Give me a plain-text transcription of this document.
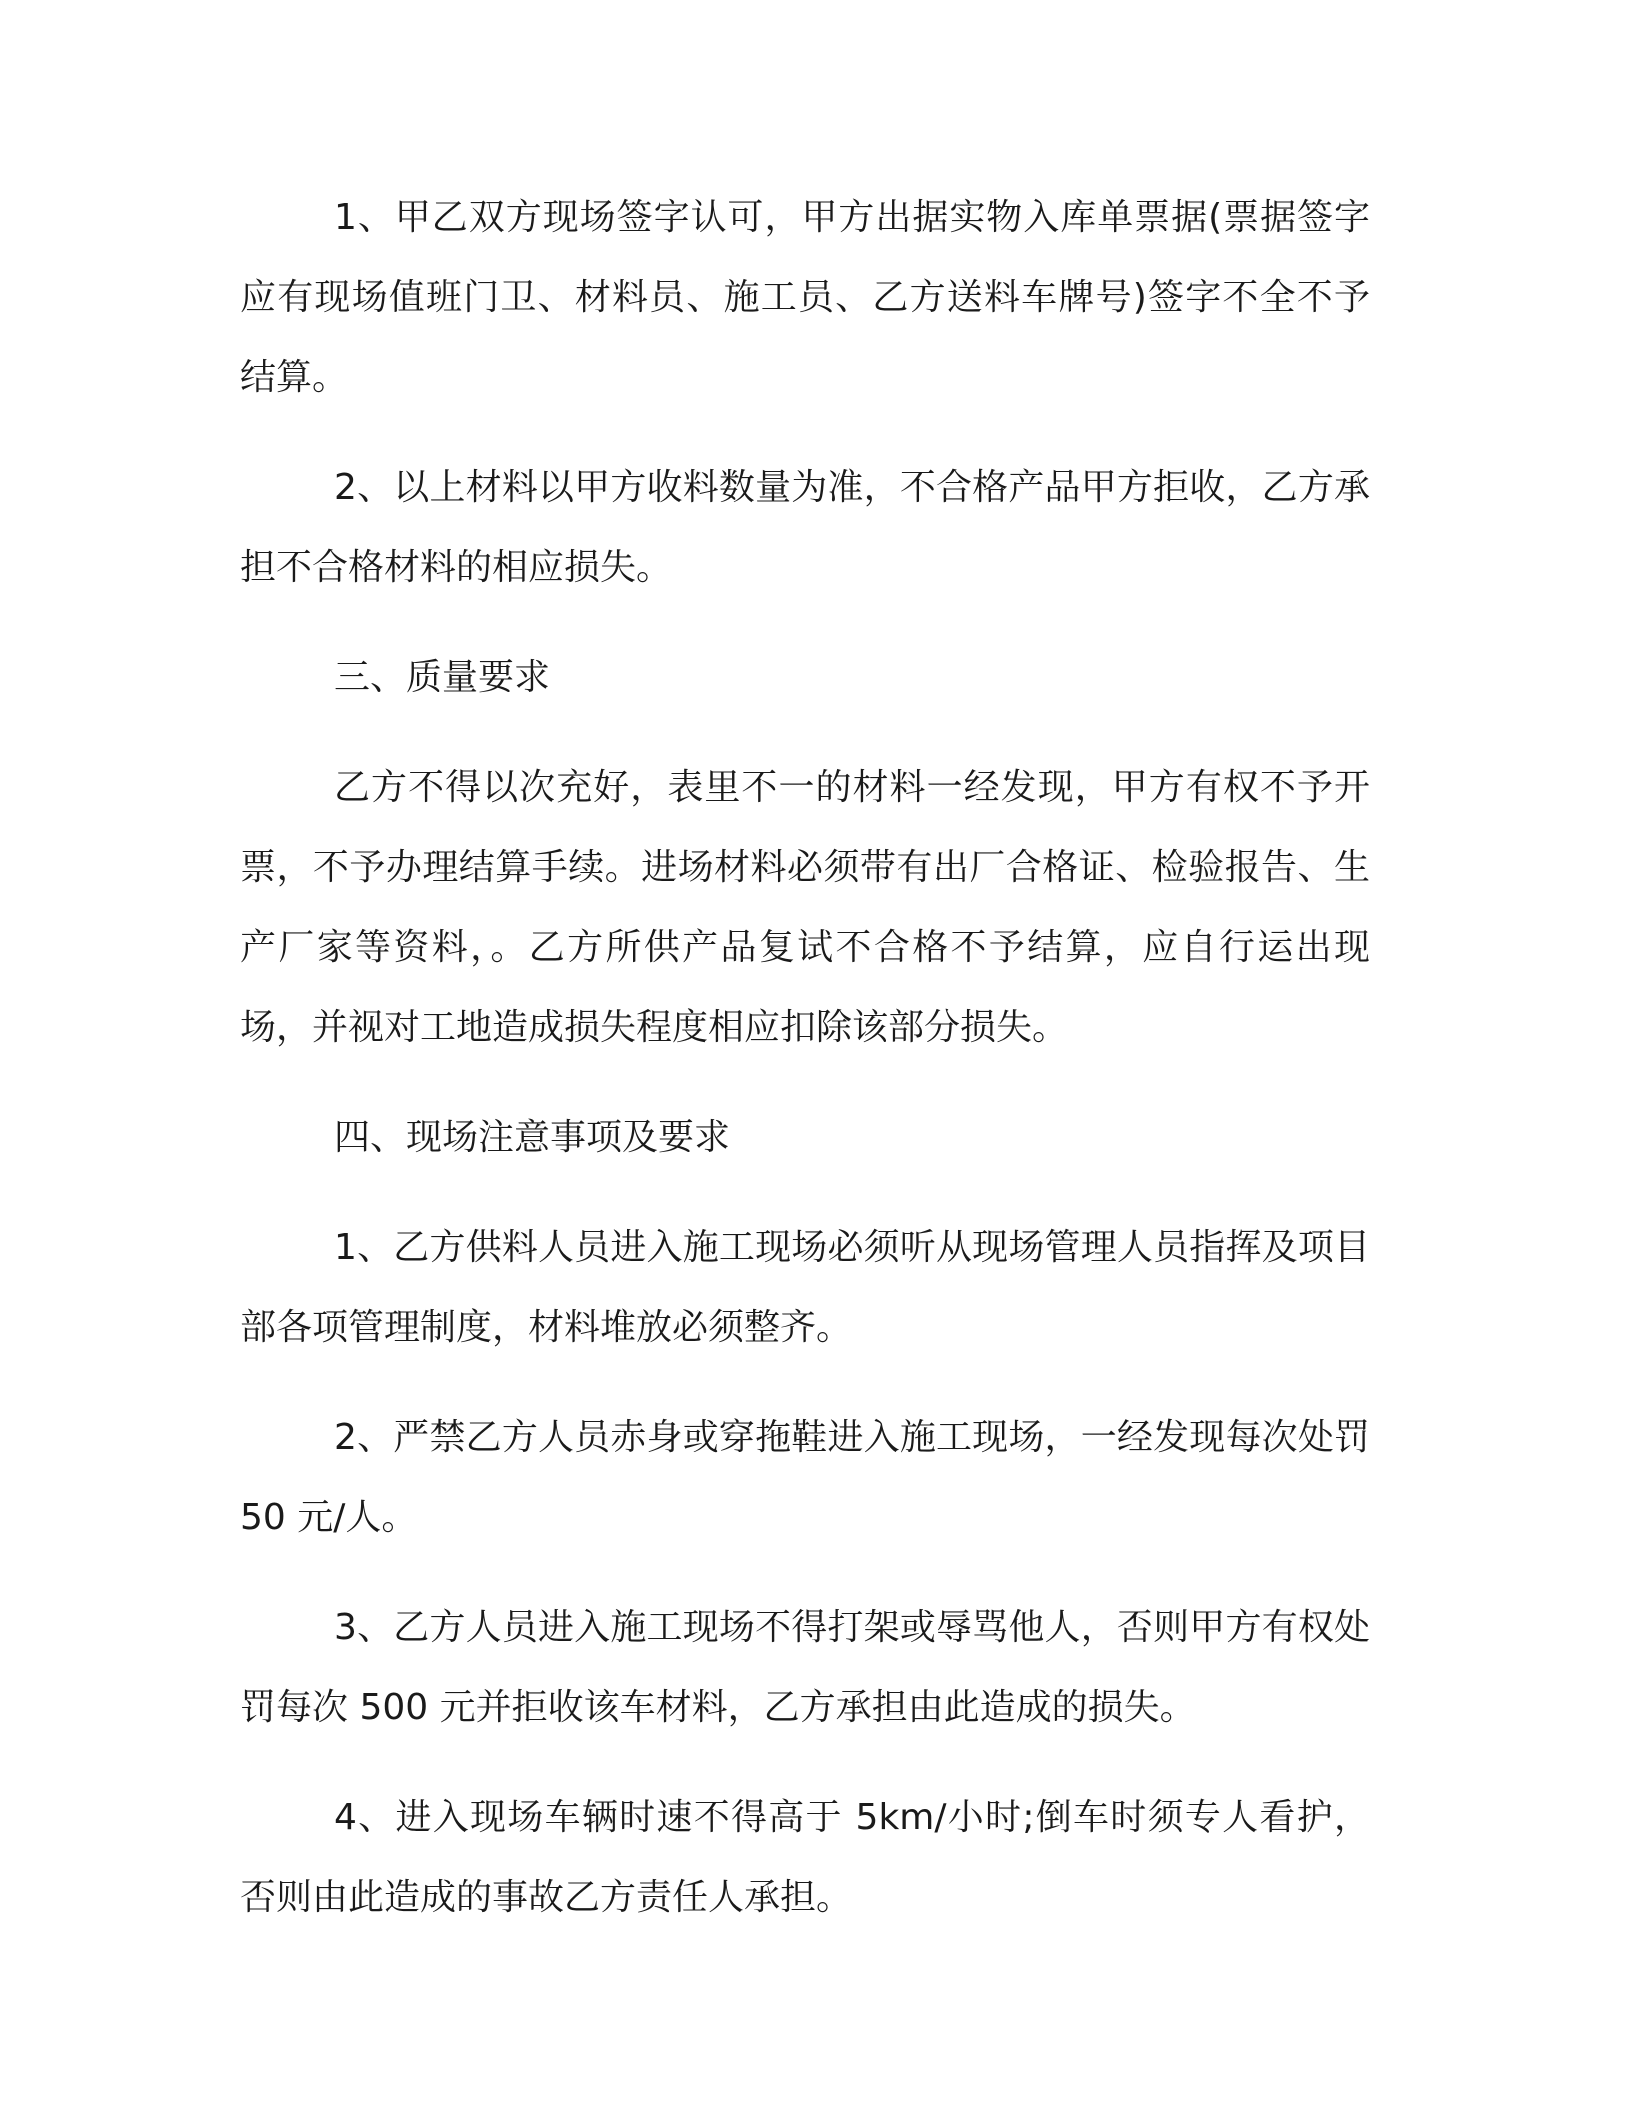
1、甲乙双方现场签字认可，甲方出据实物入库单票据(票据签字应有现场值班门卫、材料员、施工员、乙方送料车牌号)签字不全不予结算。

2、以上材料以甲方收料数量为准，不合格产品甲方拒收，乙方承担不合格材料的相应损失。

三、质量要求

乙方不得以次充好，表里不一的材料一经发现，甲方有权不予开票，不予办理结算手续。进场材料必须带有出厂合格证、检验报告、生产厂家等资料，。乙方所供产品复试不合格不予结算，应自行运出现场，并视对工地造成损失程度相应扣除该部分损失。

四、现场注意事项及要求

1、乙方供料人员进入施工现场必须听从现场管理人员指挥及项目部各项管理制度，材料堆放必须整齐。

2、严禁乙方人员赤身或穿拖鞋进入施工现场，一经发现每次处罚 50 元/人。

3、乙方人员进入施工现场不得打架或辱骂他人，否则甲方有权处罚每次 500 元并拒收该车材料，乙方承担由此造成的损失。

4、进入现场车辆时速不得高于 5km/小时;倒车时须专人看护，否则由此造成的事故乙方责任人承担。
